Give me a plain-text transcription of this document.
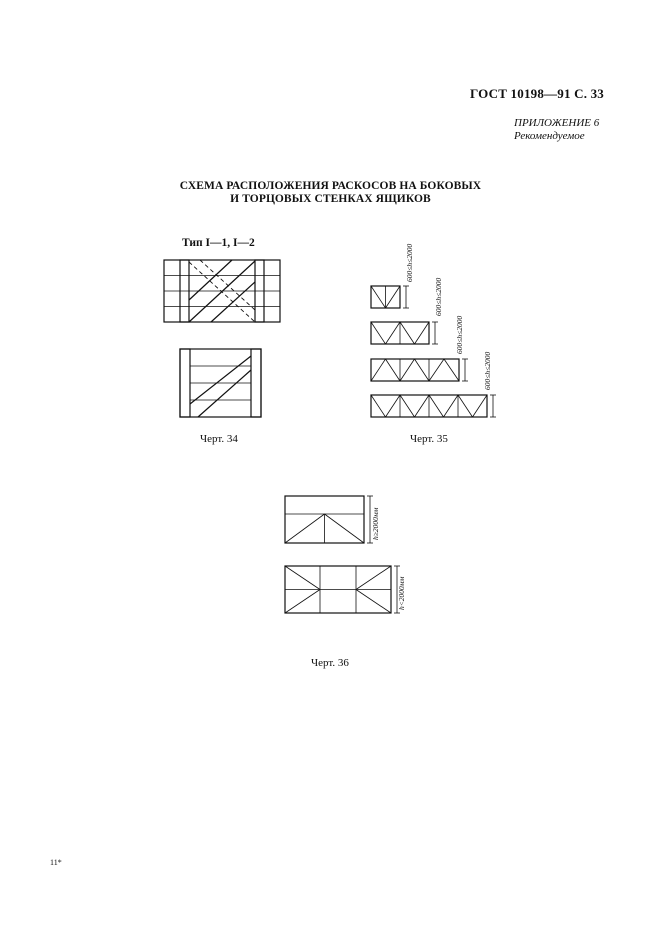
ГОСТ 10198—91 С. 33
ПРИЛОЖЕНИЕ 6
Рекомендуемое
СХЕМА РАСПОЛОЖЕНИЯ РАСКОСОВ НА БОКОВЫХ
И ТОРЦОВЫХ СТЕНКАХ ЯЩИКОВ
Тип I—1, I—2
600≤h≤2000
600≤h≤2000
600≤h≤2000
600≤h≤2000
h≥2000мм
h<2000мм
Черт. 34	Черт. 35
Черт. 36
11*
